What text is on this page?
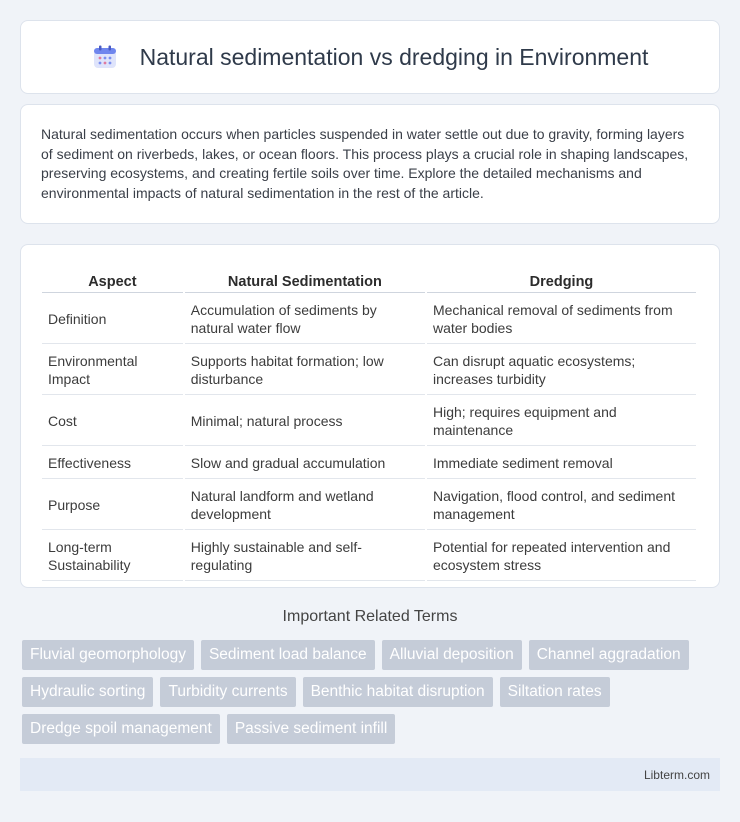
Natural sedimentation vs dredging in Environment

Natural sedimentation occurs when particles suspended in water settle out due to gravity, forming layers of sediment on riverbeds, lakes, or ocean floors. This process plays a crucial role in shaping landscapes, preserving ecosystems, and creating fertile soils over time. Explore the detailed mechanisms and environmental impacts of natural sedimentation in the rest of the article.

Aspect	Natural Sedimentation	Dredging
Definition	Accumulation of sediments by natural water flow	Mechanical removal of sediments from water bodies
Environmental Impact	Supports habitat formation; low disturbance	Can disrupt aquatic ecosystems; increases turbidity
Cost	Minimal; natural process	High; requires equipment and maintenance
Effectiveness	Slow and gradual accumulation	Immediate sediment removal
Purpose	Natural landform and wetland development	Navigation, flood control, and sediment management
Long-term Sustainability	Highly sustainable and self-regulating	Potential for repeated intervention and ecosystem stress
Important Related Terms
Fluvial geomorphology	Sediment load balance	Alluvial deposition	Channel aggradation
Hydraulic sorting	Turbidity currents	Benthic habitat disruption	Siltation rates
Dredge spoil management	Passive sediment infill
Libterm.com
